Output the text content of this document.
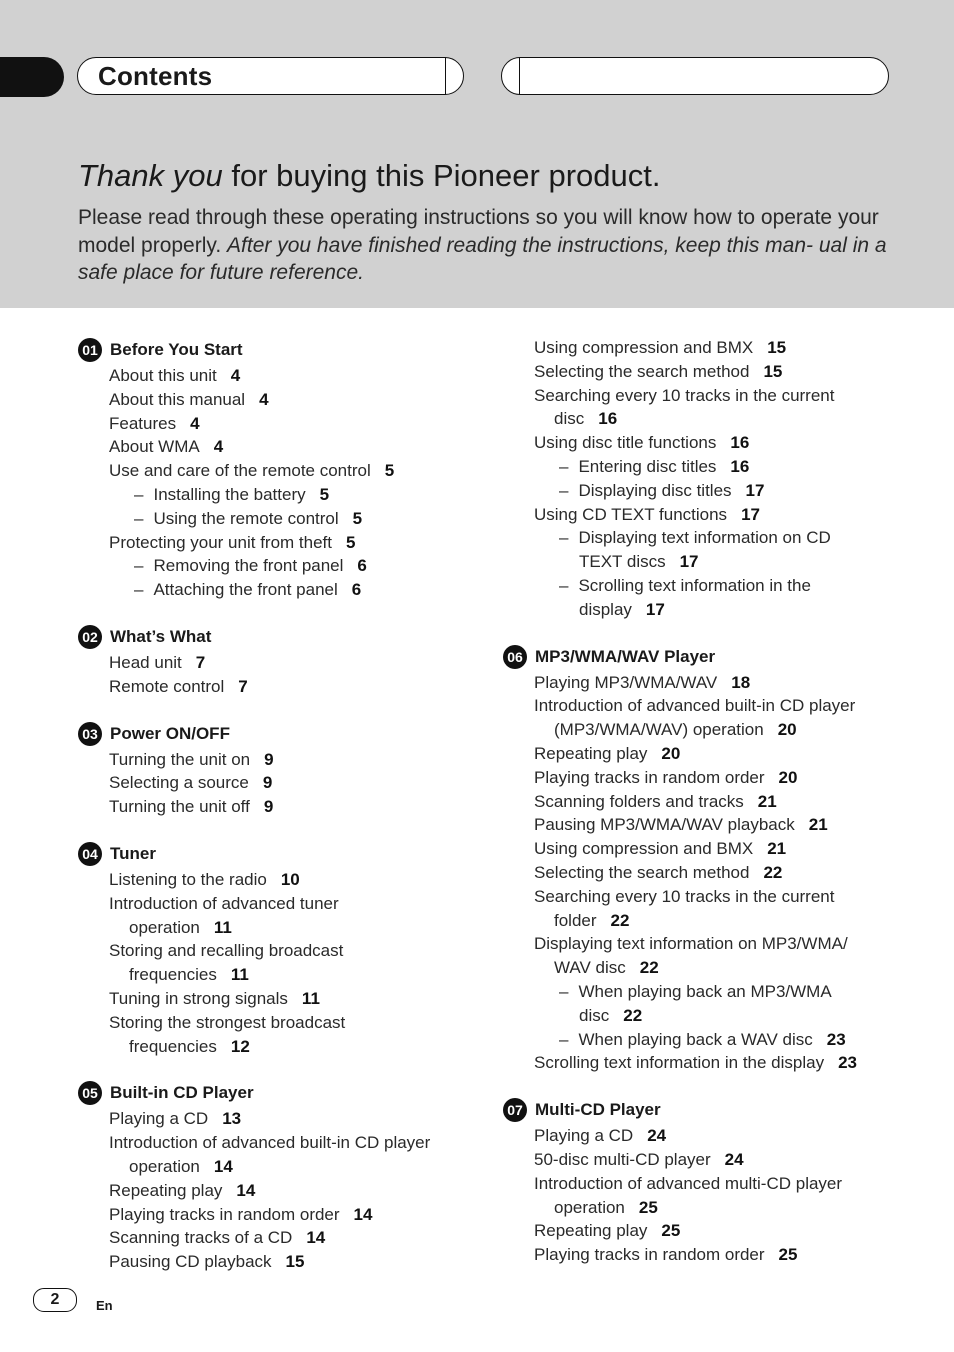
Contents
Thank you for buying this Pioneer product.
Please read through these operating instructions so you will know how to operate your model properly. After you have finished reading the instructions, keep this man- ual in a safe place for future reference.
01 Before You Start
About this unit 4
About this manual 4
Features 4
About WMA 4
Use and care of the remote control 5
– Installing the battery 5
– Using the remote control 5
Protecting your unit from theft 5
– Removing the front panel 6
– Attaching the front panel 6
02 What’s What
Head unit 7
Remote control 7
03 Power ON/OFF
Turning the unit on 9
Selecting a source 9
Turning the unit off 9
04 Tuner
Listening to the radio 10
Introduction of advanced tuner
operation 11
Storing and recalling broadcast
frequencies 11
Tuning in strong signals 11
Storing the strongest broadcast
frequencies 12
05 Built-in CD Player
Playing a CD 13
Introduction of advanced built-in CD player
operation 14
Repeating play 14
Playing tracks in random order 14
Scanning tracks of a CD 14
Pausing CD playback 15
Using compression and BMX 15
Selecting the search method 15
Searching every 10 tracks in the current
disc 16
Using disc title functions 16
– Entering disc titles 16
– Displaying disc titles 17
Using CD TEXT functions 17
– Displaying text information on CD
TEXT discs 17
– Scrolling text information in the
display 17
06 MP3/WMA/WAV Player
Playing MP3/WMA/WAV 18
Introduction of advanced built-in CD player
(MP3/WMA/WAV) operation 20
Repeating play 20
Playing tracks in random order 20
Scanning folders and tracks 21
Pausing MP3/WMA/WAV playback 21
Using compression and BMX 21
Selecting the search method 22
Searching every 10 tracks in the current
folder 22
Displaying text information on MP3/WMA/
WAV disc 22
– When playing back an MP3/WMA
disc 22
– When playing back a WAV disc 23
Scrolling text information in the display 23
07 Multi-CD Player
Playing a CD 24
50-disc multi-CD player 24
Introduction of advanced multi-CD player
operation 25
Repeating play 25
Playing tracks in random order 25
2	En
